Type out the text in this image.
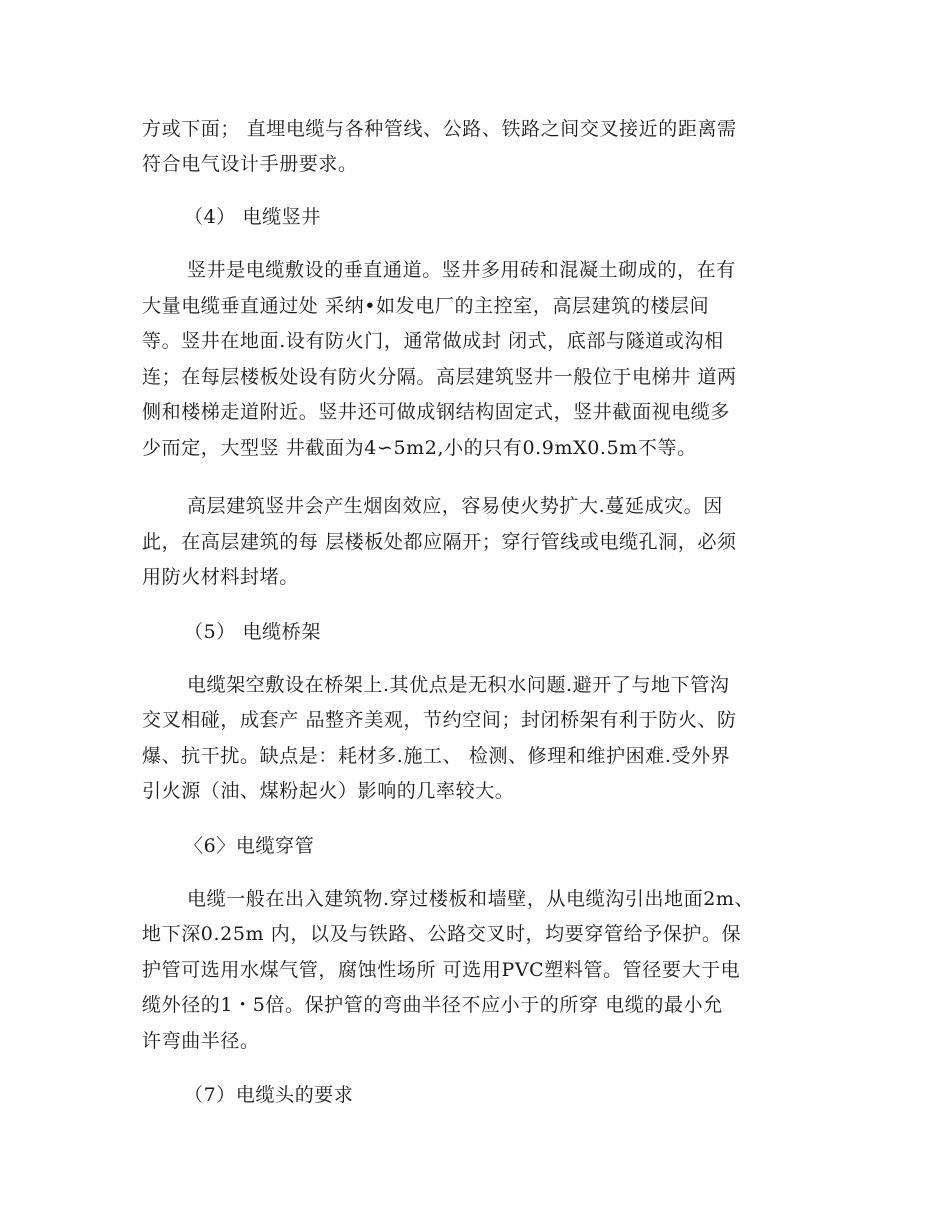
方或下面； 直埋电缆与各种管线、公路、铁路之间交叉接近的距离需
符合电气设计手册要求。
（4） 电缆竖井
竖井是电缆敷设的垂直通道。竖井多用砖和混凝土砌成的，在有
大量电缆垂直通过处 采纳•如发电厂的主控室，高层建筑的楼层间
等。竖井在地面.设有防火门，通常做成封 闭式，底部与隧道或沟相
连；在每层楼板处设有防火分隔。高层建筑竖井一般位于电梯井 道两
侧和楼梯走道附近。竖井还可做成钢结构固定式，竖井截面视电缆多
少而定，大型竖 井截面为4∽5m2,小的只有0.9mX0.5m不等。
高层建筑竖井会产生烟囱效应，容易使火势扩大.蔓延成灾。因
此，在高层建筑的每 层楼板处都应隔开；穿行管线或电缆孔洞，必须
用防火材料封堵。
（5） 电缆桥架
电缆架空敷设在桥架上.其优点是无积水问题.避开了与地下管沟
交叉相碰，成套产 品整齐美观，节约空间；封闭桥架有利于防火、防
爆、抗干扰。缺点是：耗材多.施工、 检测、修理和维护困难.受外界
引火源（油、煤粉起火）影响的几率较大。
〈6〉电缆穿管
电缆一般在出入建筑物.穿过楼板和墙壁，从电缆沟引出地面2m、
地下深0.25m 内，以及与铁路、公路交叉时，均要穿管给予保护。保
护管可选用水煤气管，腐蚀性场所 可选用PVC塑料管。管径要大于电
缆外径的1・5倍。保护管的弯曲半径不应小于的所穿 电缆的最小允
许弯曲半径。
（7）电缆头的要求
